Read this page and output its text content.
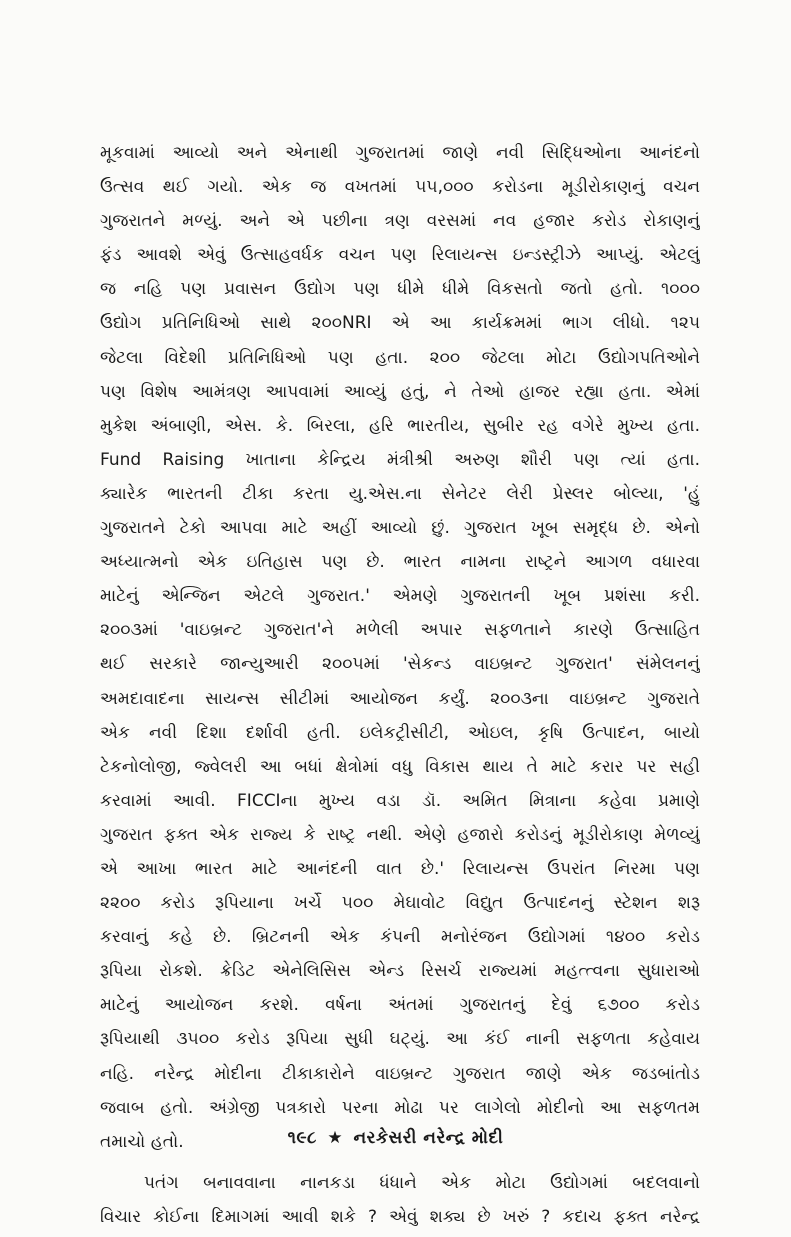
મૂકવામાં આવ્યો અને એનાથી ગુજરાતમાં જાણે નવી સિદ્ધિઓના આનંદનો
ઉત્સવ થઈ ગયો. એક જ વખતમાં ૫૫,૦૦૦ કરોડના મૂડીરોકાણનું વચન
ગુજરાતને મળ્યું. અને એ પછીના ત્રણ વરસમાં નવ હજાર કરોડ રોકાણનું
ફંડ આવશે એવું ઉત્સાહવર્ધક વચન પણ રિલાયન્સ ઇન્ડસ્ટ્રીઝે આપ્યું. એટલું
જ નહિ પણ પ્રવાસન ઉદ્યોગ પણ ધીમે ધીમે વિકસતો જતો હતો. ૧૦૦૦
ઉદ્યોગ પ્રતિનિધિઓ સાથે ૨૦૦NRI એ આ કાર્યક્રમમાં ભાગ લીધો. ૧૨૫
જેટલા વિદેશી પ્રતિનિધિઓ પણ હતા. ૨૦૦ જેટલા મોટા ઉદ્યોગપતિઓને
પણ વિશેષ આમંત્રણ આપવામાં આવ્યું હતું, ને તેઓ હાજર રહ્યા હતા. એમાં
મુકેશ અંબાણી, એસ. કે. બિરલા, હરિ ભારતીય, સુબીર રહ વગેરે મુખ્ય હતા.
Fund Raising ખાતાના કેન્દ્રિય મંત્રીશ્રી અરુણ શૌરી પણ ત્યાં હતા.
ક્યારેક ભારતની ટીકા કરતા યુ.એસ.ના સેનેટર લેરી પ્રેસ્લર બોલ્યા, 'હું
ગુજરાતને ટેકો આપવા માટે અહીં આવ્યો છું. ગુજરાત ખૂબ સમૃદ્ધ છે. એનો
અધ્યાત્મનો એક ઇતિહાસ પણ છે. ભારત નામના રાષ્ટ્રને આગળ વધારવા
માટેનું એન્જિન એટલે ગુજરાત.' એમણે ગુજરાતની ખૂબ પ્રશંસા કરી.
૨૦૦૩માં 'વાઇબ્રન્ટ ગુજરાત'ને મળેલી અપાર સફળતાને કારણે ઉત્સાહિત
થઈ સરકારે જાન્યુઆરી ૨૦૦૫માં 'સેકન્ડ વાઇબ્રન્ટ ગુજરાત' સંમેલનનું
અમદાવાદના સાયન્સ સીટીમાં આયોજન કર્યું. ૨૦૦૩ના વાઇબ્રન્ટ ગુજરાતે
એક નવી દિશા દર્શાવી હતી. ઇલેકટ્રીસીટી, ઓઇલ, કૃષિ ઉત્પાદન, બાયો
ટેકનોલોજી, જ્વેલરી આ બધાં ક્ષેત્રોમાં વધુ વિકાસ થાય તે માટે કરાર પર સહી
કરવામાં આવી. FICCIના મુખ્ય વડા ડૉ. અમિત મિત્રાના કહેવા પ્રમાણે
ગુજરાત ફક્ત એક રાજ્ય કે રાષ્ટ્ર નથી. એણે હજારો કરોડનું મૂડીરોકાણ મેળવ્યું
એ આખા ભારત માટે આનંદની વાત છે.' રિલાયન્સ ઉપરાંત નિરમા પણ
૨૨૦૦ કરોડ રૂપિયાના ખર્ચે ૫૦૦ મેઘાવોટ વિદ્યુત ઉત્પાદનનું સ્ટેશન શરૂ
કરવાનું કહે છે. બ્રિટનની એક કંપની મનોરંજન ઉદ્યોગમાં ૧૪૦૦ કરોડ
રૂપિયા રોકશે. ક્રેડિટ એનેલિસિસ એન્ડ રિસર્ચ રાજ્યમાં મહત્ત્વના સુધારાઓ
માટેનું આયોજન કરશે. વર્ષના અંતમાં ગુજરાતનું દેવું ૬૭૦૦ કરોડ
રૂપિયાથી ૩૫૦૦ કરોડ રૂપિયા સુધી ઘટ્યું. આ કંઈ નાની સફળતા કહેવાય
નહિ. નરેન્દ્ર મોદીના ટીકાકારોને વાઇબ્રન્ટ ગુજરાત જાણે એક જડબાંતોડ
જવાબ હતો. અંગ્રેજી પત્રકારો પરના મોઢા પર લાગેલો મોદીનો આ સફળતમ
તમાચો હતો.
પતંગ બનાવવાના નાનકડા ધંધાને એક મોટા ઉદ્યોગમાં બદલવાનો
વિચાર કોઈના દિમાગમાં આવી શકે ? એવું શક્ય છે ખરું ? કદાચ ફક્ત નરેન્દ્ર
૧૯૮ ★ નરકેસરી નરેન્દ્ર મોદી
